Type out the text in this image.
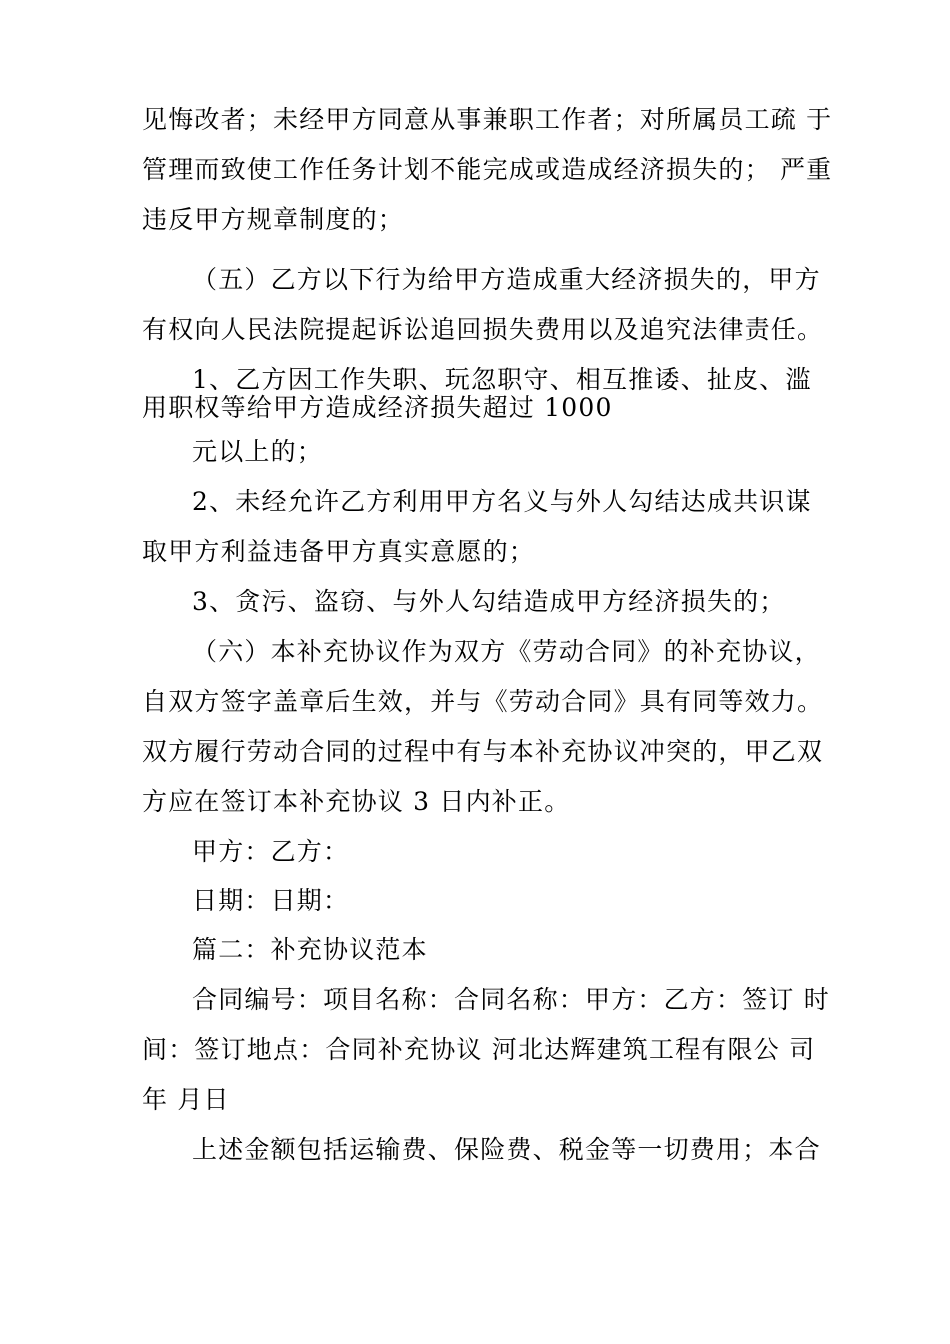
见悔改者；未经甲方同意从事兼职工作者；对所属员工疏 于
管理而致使工作任务计划不能完成或造成经济损失的； 严重
违反甲方规章制度的；
（五）乙方以下行为给甲方造成重大经济损失的，甲方
有权向人民法院提起诉讼追回损失费用以及追究法律责任。
1、乙方因工作失职、玩忽职守、相互推诿、扯皮、滥
用职权等给甲方造成经济损失超过 1000
元以上的；
2、未经允许乙方利用甲方名义与外人勾结达成共识谋
取甲方利益违备甲方真实意愿的；
3、贪污、盗窃、与外人勾结造成甲方经济损失的；
（六）本补充协议作为双方《劳动合同》的补充协议，
自双方签字盖章后生效，并与《劳动合同》具有同等效力。
双方履行劳动合同的过程中有与本补充协议冲突的，甲乙双
方应在签订本补充协议 3 日内补正。
甲方：乙方：
日期：日期：
篇二：补充协议范本
合同编号：项目名称：合同名称：甲方：乙方：签订 时
间：签订地点：合同补充协议 河北达辉建筑工程有限公 司
年 月日
上述金额包括运输费、保险费、税金等一切费用；本合
